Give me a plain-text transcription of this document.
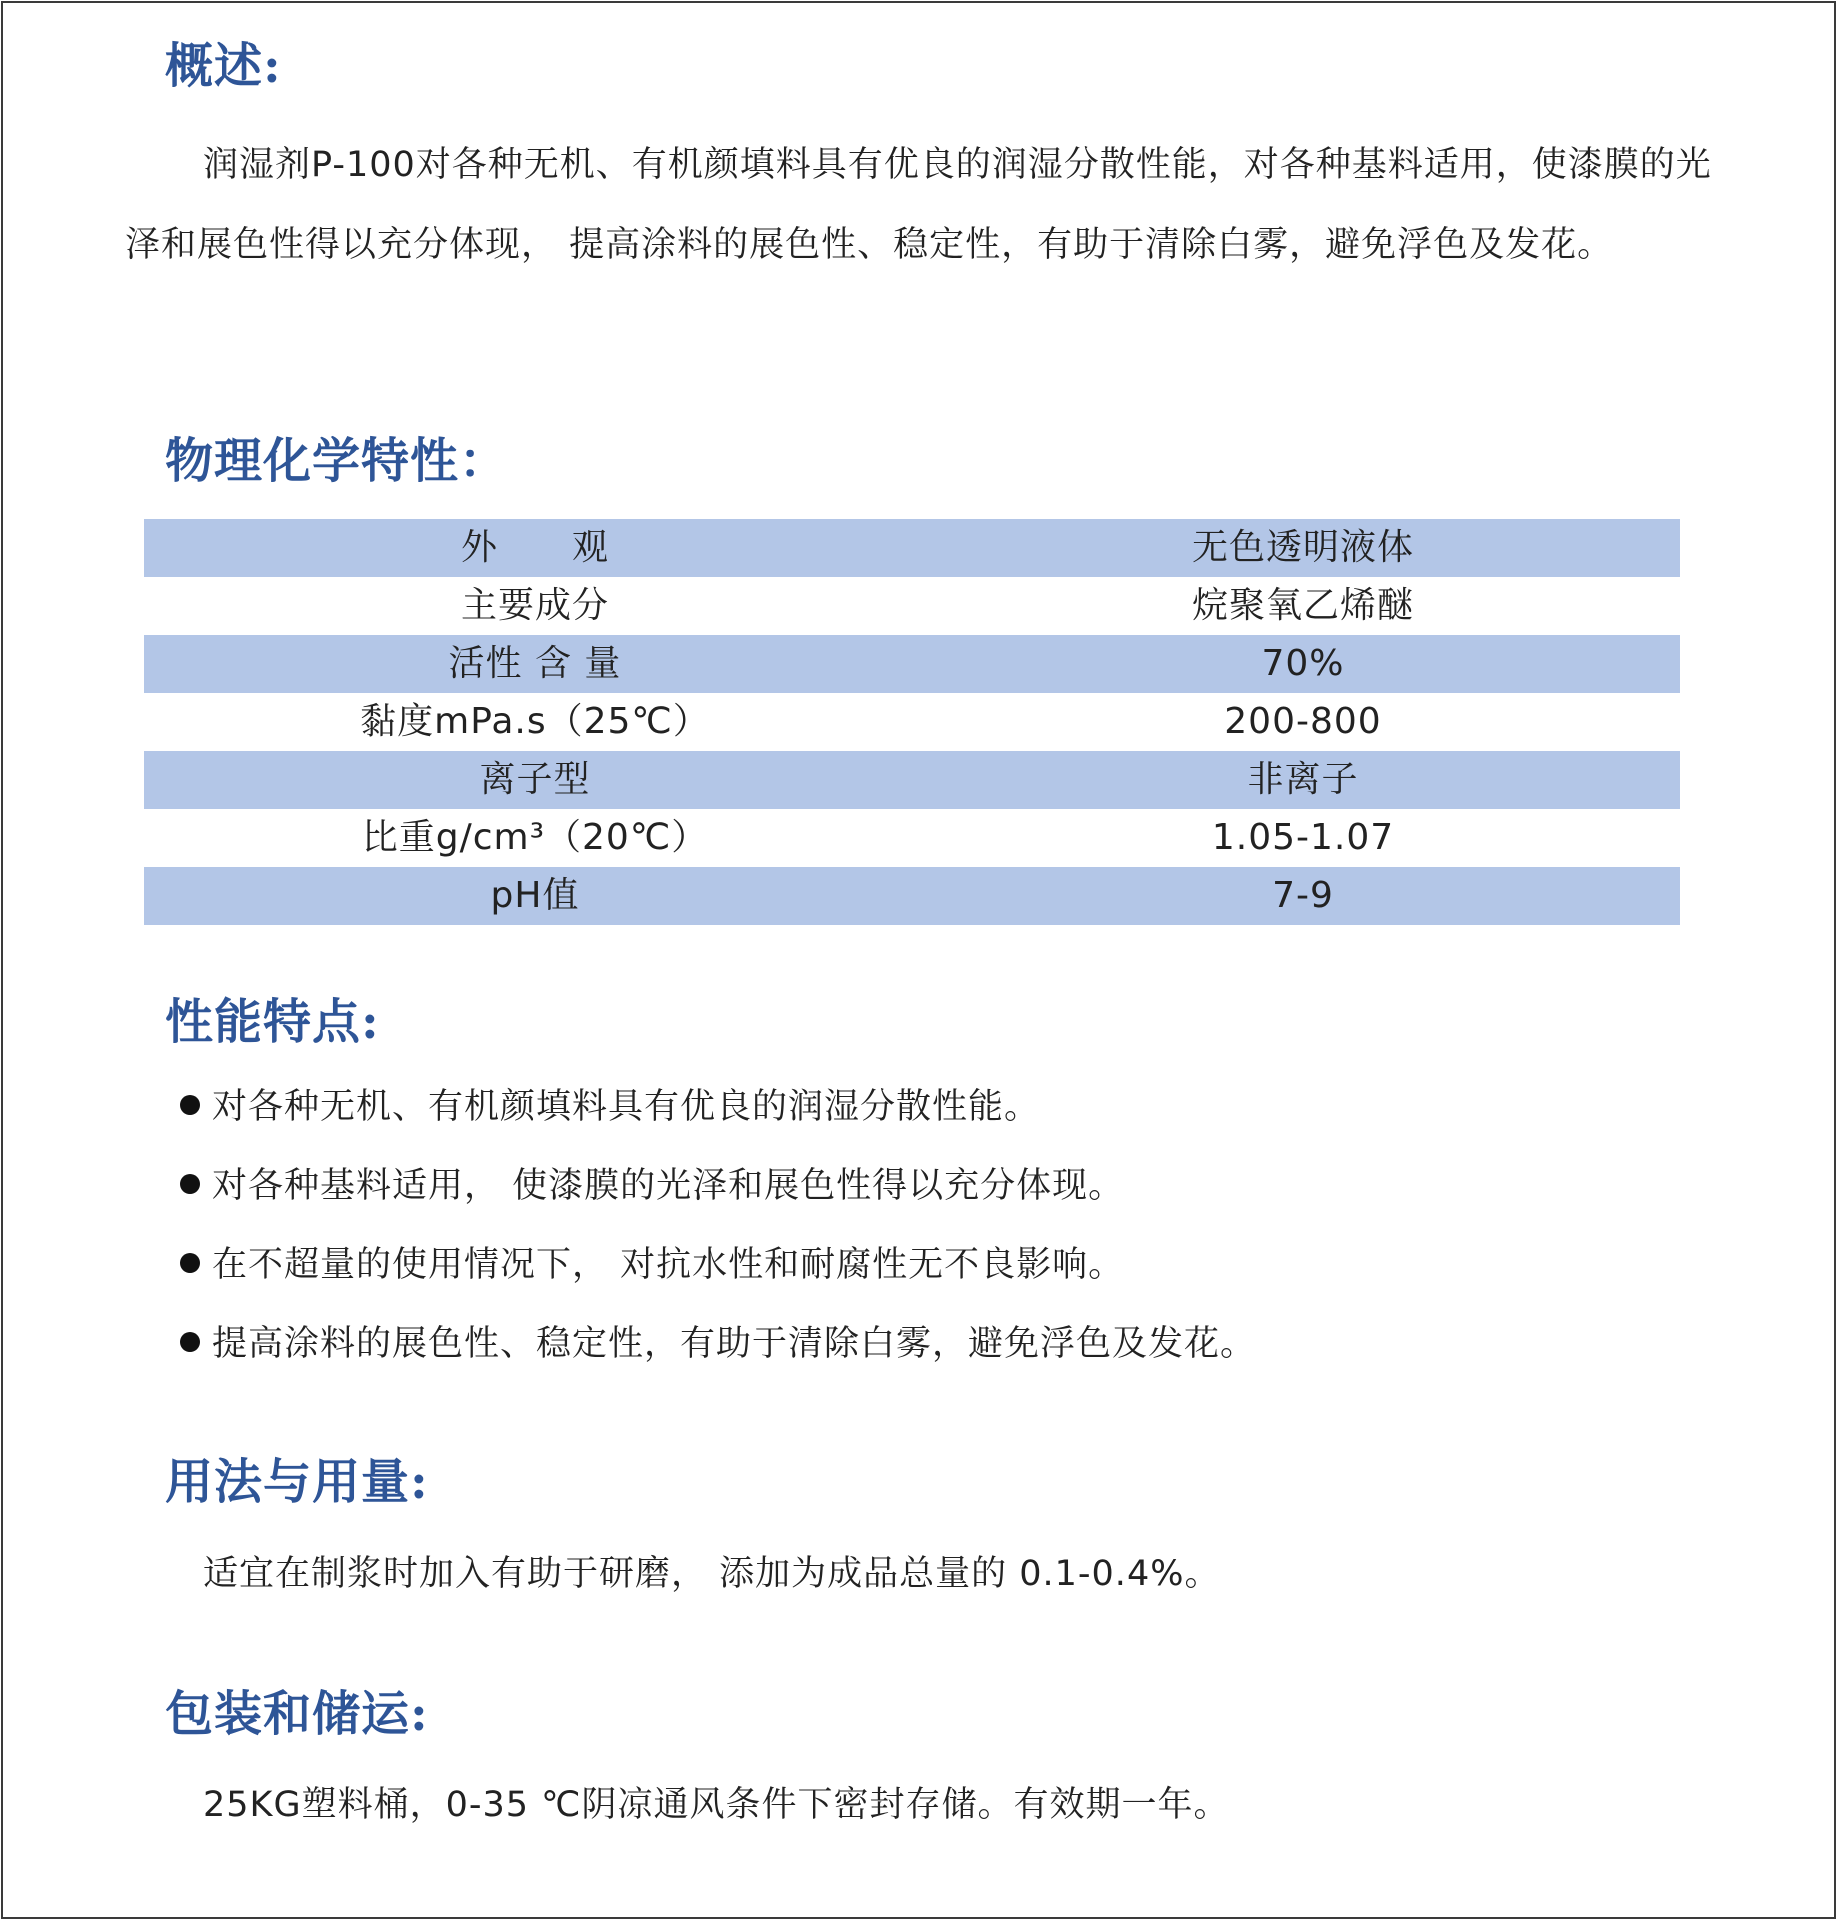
概述:

润湿剂P-100对各种无机、有机颜填料具有优良的润湿分散性能，对各种基料适用，使漆膜的光泽和展色性得以充分体现， 提高涂料的展色性、稳定性，有助于清除白雾，避免浮色及发花。

物理化学特性：
外　　观	无色透明液体
主要成分	烷聚氧乙烯醚
活性 含 量	70%
黏度mPa.s（25℃）	200-800
离子型	非离子
比重g/cm³（20℃）	1.05-1.07
pH值	7-9
性能特点:
对各种无机、有机颜填料具有优良的润湿分散性能。
对各种基料适用， 使漆膜的光泽和展色性得以充分体现。
在不超量的使用情况下， 对抗水性和耐腐性无不良影响。
提高涂料的展色性、稳定性，有助于清除白雾，避免浮色及发花。
用法与用量:
适宜在制浆时加入有助于研磨， 添加为成品总量的 0.1-0.4%。
包装和储运:
25KG塑料桶，0-35 ℃阴凉通风条件下密封存储。有效期一年。
